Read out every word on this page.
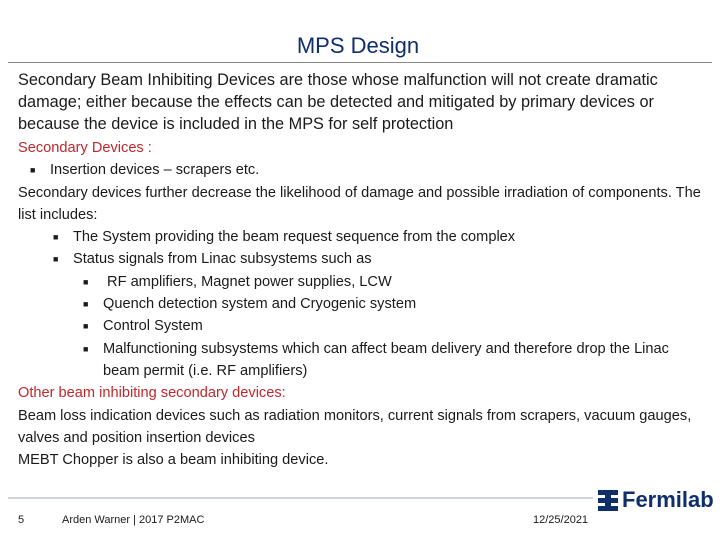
MPS Design

Secondary Beam Inhibiting Devices are those whose malfunction will not create dramatic damage; either because the effects can be detected and mitigated by primary devices or because the device is included in the MPS for self protection

Secondary Devices :
■ Insertion devices – scrapers etc.
Secondary devices further decrease the likelihood of damage and possible irradiation of components. The list includes:
■ The System providing the beam request sequence from the complex
■ Status signals from Linac subsystems such as
■ RF amplifiers, Magnet power supplies, LCW
■ Quench detection system and Cryogenic system
■ Control System
■ Malfunctioning subsystems which can affect beam delivery and therefore drop the Linac beam permit (i.e. RF amplifiers)
Other beam inhibiting secondary devices:
Beam loss indication devices such as radiation monitors, current signals from scrapers, vacuum gauges, valves and position insertion devices
MEBT Chopper is also a beam inhibiting device.
5	Arden Warner | 2017 P2MAC	12/25/2021
Fermilab
